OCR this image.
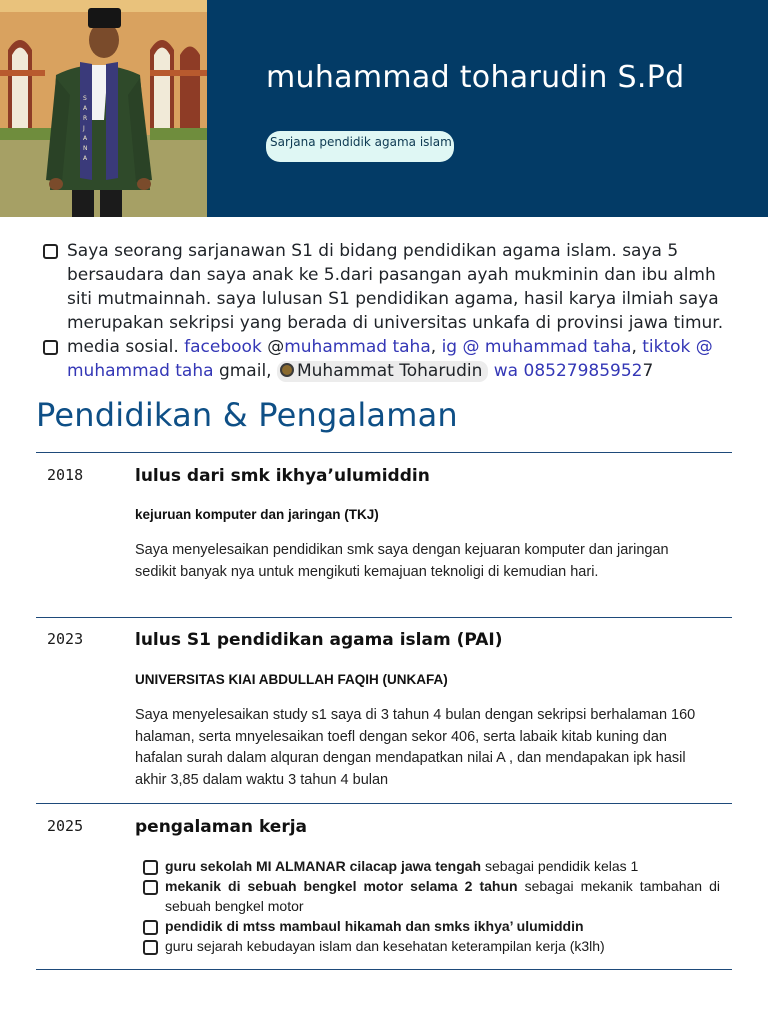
S
A
R
J
A
N
A
muhammad toharudin S.Pd
Sarjana pendidik agama islam
Saya seorang sarjanawan S1 di bidang pendidikan agama islam. saya 5 bersaudara dan saya anak ke 5.dari pasangan ayah mukminin dan ibu almh siti mutmainnah. saya lulusan S1 pendidikan agama, hasil karya ilmiah saya merupakan sekripsi yang berada di universitas unkafa di provinsi jawa timur.
media sosial. facebook @muhammad taha, ig @ muhammad taha, tiktok @ muhammad taha gmail, Muhammat Toharudin wa 085279859527
Pendidikan & Pengalaman
2018	lulus dari smk ikhya’ulumiddin
kejuruan komputer dan jaringan (TKJ)
Saya menyelesaikan pendidikan smk saya dengan kejuaran komputer dan jaringan sedikit banyak nya untuk mengikuti kemajuan teknoligi di kemudian hari.
2023	lulus S1 pendidikan agama islam (PAI)
UNIVERSITAS KIAI ABDULLAH FAQIH (UNKAFA)
Saya menyelesaikan study s1 saya di 3 tahun 4 bulan dengan sekripsi berhalaman 160 halaman, serta mnyelesaikan toefl dengan sekor 406, serta labaik kitab kuning dan hafalan surah dalam alquran dengan mendapatkan nilai A , dan mendapakan ipk hasil akhir 3,85 dalam waktu 3 tahun 4 bulan
2025	pengalaman kerja
guru sekolah MI ALMANAR cilacap jawa tengah sebagai pendidik kelas 1
mekanik di sebuah bengkel motor selama 2 tahun sebagai mekanik tambahan di sebuah bengkel motor
pendidik di mtss mambaul hikamah dan smks ikhya’ ulumiddin
guru sejarah kebudayan islam dan kesehatan keterampilan kerja (k3lh)
